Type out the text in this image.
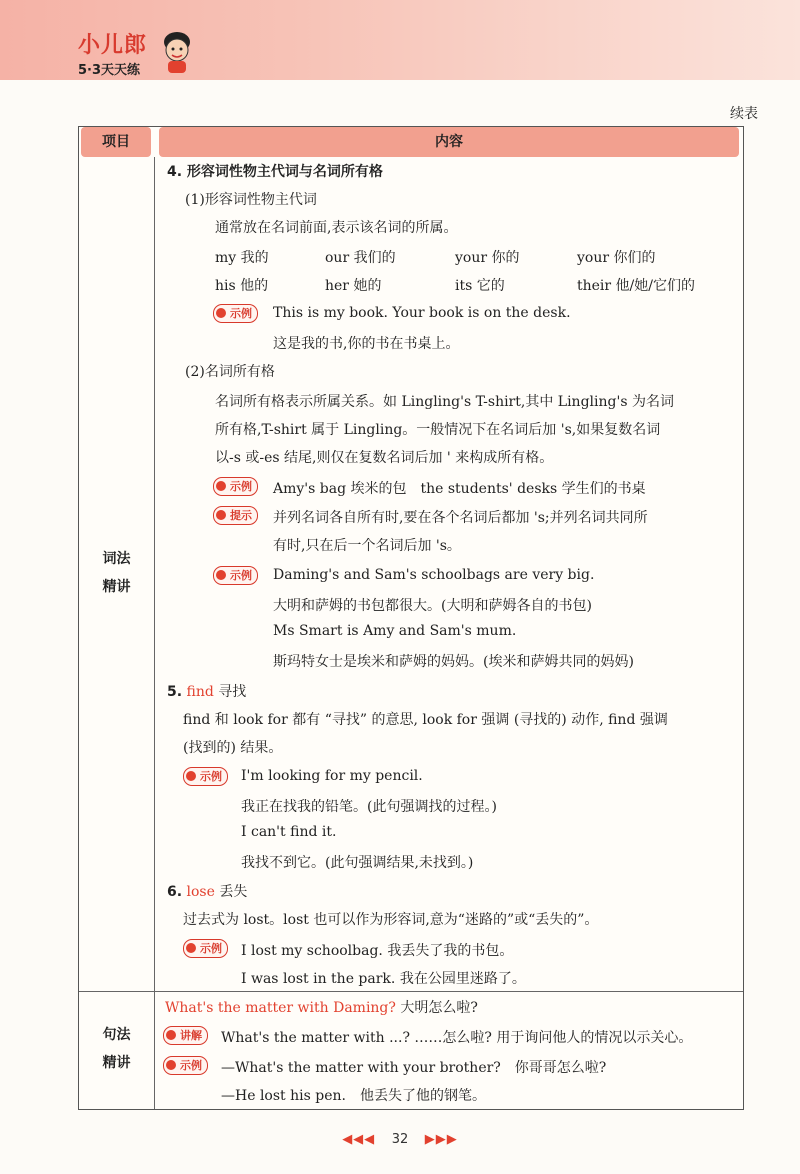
小儿郎
5·3天天练
续表
项目	内容
词法
精讲
句法
精讲
4. 形容词性物主代词与名词所有格
(1)形容词性物主代词
通常放在名词前面,表示该名词的所属。
my 我的	our 我们的	your 你的	your 你们的
his 他的	her 她的	its 它的	their 他/她/它们的
示例	This is my book. Your book is on the desk.
这是我的书,你的书在书桌上。
(2)名词所有格
名词所有格表示所属关系。如 Lingling's T-shirt,其中 Lingling's 为名词
所有格,T-shirt 属于 Lingling。一般情况下在名词后加 's,如果复数名词
以-s 或-es 结尾,则仅在复数名词后加 ' 来构成所有格。
示例	Amy's bag 埃米的包　the students' desks 学生们的书桌
提示	并列名词各自所有时,要在各个名词后都加 's;并列名词共同所
有时,只在后一个名词后加 's。
示例	Daming's and Sam's schoolbags are very big.
大明和萨姆的书包都很大。(大明和萨姆各自的书包)
Ms Smart is Amy and Sam's mum.
斯玛特女士是埃米和萨姆的妈妈。(埃米和萨姆共同的妈妈)
5. find 寻找
find 和 look for 都有 “寻找” 的意思, look for 强调 (寻找的) 动作, find 强调
(找到的) 结果。
示例	I'm looking for my pencil.
我正在找我的铅笔。(此句强调找的过程。)
I can't find it.
我找不到它。(此句强调结果,未找到。)
6. lose 丢失
过去式为 lost。lost 也可以作为形容词,意为“迷路的”或“丢失的”。
示例	I lost my schoolbag. 我丢失了我的书包。
I was lost in the park. 我在公园里迷路了。
What's the matter with Daming? 大明怎么啦?
讲解	What's the matter with ...? ……怎么啦? 用于询问他人的情况以示关心。
示例	—What's the matter with your brother?　你哥哥怎么啦?
—He lost his pen.　他丢失了他的钢笔。
◀◀◀ 32 ▶▶▶
